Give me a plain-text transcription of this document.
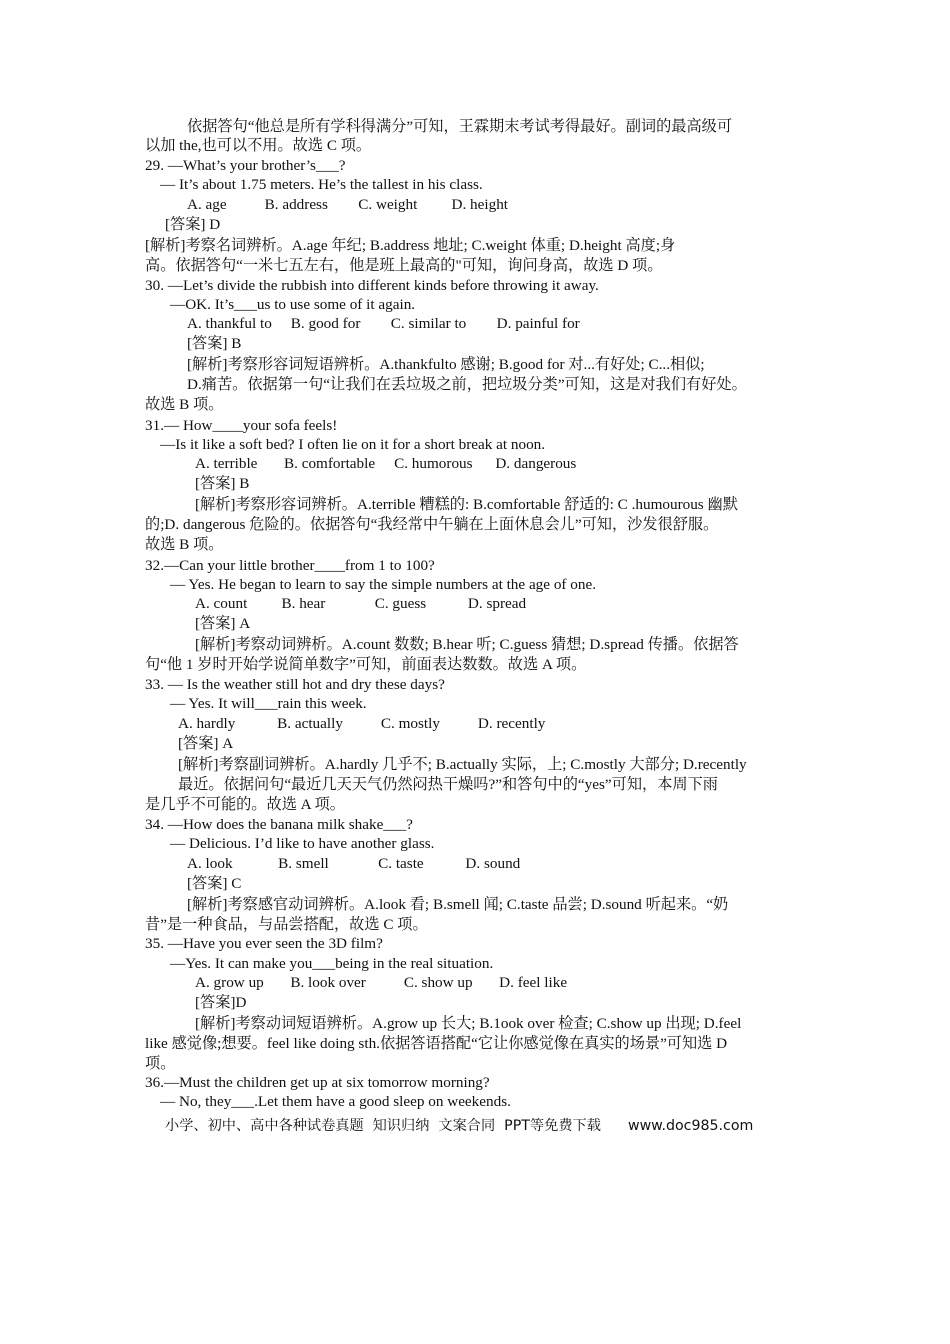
依据答句“他总是所有学科得满分”可知，王霖期末考试考得最好。副词的最高级可
以加 the,也可以不用。故选 C 项。
29. —What’s your brother’s___?
— It’s about 1.75 meters. He’s the tallest in his class.
A. age          B. address        C. weight         D. height
[答案] D
[解析]考察名词辨析。A.age 年纪; B.address 地址; C.weight 体重; D.height 高度;身
高。依据答句“一米七五左右，他是班上最高的"可知，询问身高，故选 D 项。
30. —Let’s divide the rubbish into different kinds before throwing it away.
—OK. It’s___us to use some of it again.
A. thankful to     B. good for        C. similar to        D. painful for
[答案] B
[解析]考察形容词短语辨析。A.thankfulto 感谢; B.good for 对...有好处; C...相似;
D.痛苦。依据第一句“让我们在丢垃圾之前，把垃圾分类”可知，这是对我们有好处。
故选 B 项。
31.— How____your sofa feels!
—Is it like a soft bed? I often lie on it for a short break at noon.
A. terrible       B. comfortable     C. humorous      D. dangerous
[答案] B
[解析]考察形容词辨析。A.terrible 糟糕的: B.comfortable 舒适的: C .humourous 幽默
的;D. dangerous 危险的。依据答句“我经常中午躺在上面休息会儿”可知，沙发很舒服。
故选 B 项。
32.—Can your little brother____from 1 to 100?
— Yes. He began to learn to say the simple numbers at the age of one.
A. count         B. hear             C. guess           D. spread
[答案] A
[解析]考察动词辨析。A.count 数数; B.hear 听; C.guess 猜想; D.spread 传播。依据答
句“他 1 岁时开始学说简单数字”可知，前面表达数数。故选 A 项。
33. — Is the weather still hot and dry these days?
— Yes. It will___rain this week.
A. hardly           B. actually          C. mostly          D. recently
[答案] A
[解析]考察副词辨析。A.hardly 几乎不; B.actually 实际，上; C.mostly 大部分; D.recently
最近。依据问句“最近几天天气仍然闷热干燥吗?”和答句中的“yes”可知，本周下雨
是几乎不可能的。故选 A 项。
34. —How does the banana milk shake___?
— Delicious. I’d like to have another glass.
A. look            B. smell             C. taste           D. sound
[答案] C
[解析]考察感官动词辨析。A.look 看; B.smell 闻; C.taste 品尝; D.sound 听起来。“奶
昔”是一种食品，与品尝搭配，故选 C 项。
35. —Have you ever seen the 3D film?
—Yes. It can make you___being in the real situation.
A. grow up       B. look over          C. show up       D. feel like
[答案]D
[解析]考察动词短语辨析。A.grow up 长大; B.1ook over 检查; C.show up 出现; D.feel
like 感觉像;想要。feel like doing sth.依据答语搭配“它让你感觉像在真实的场景”可知选 D
项。
36.—Must the children get up at six tomorrow morning?
— No, they___.Let them have a good sleep on weekends.
小学、初中、高中各种试卷真题  知识归纳  文案合同  PPT等免费下载      www.doc985.com
